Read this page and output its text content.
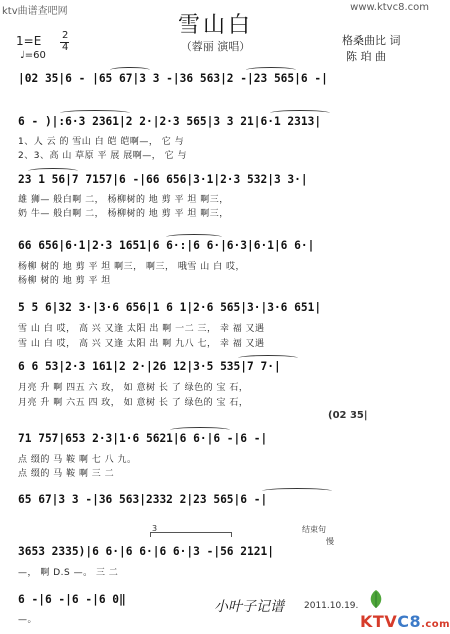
ktv曲谱查吧网	www.ktvc8.com
雪山白
（蓉丽 演唱）
1=E 2
4
♩=60
格桑曲比 词
陈 珀 曲
|02 35|6 - |65 67|3 3 -|36 563|2 -|23 565|6 -|
6 - )|:6·3 2361|2 2·|2·3 565|3 3 21|6·1 2313|
1、人 云 的 雪山 白 皑 皑啊—， 它 与
2、3、高 山 草原 平 展 展啊—， 它 与
23 1 56|7 7157|6 -|66 656|3·1|2·3 532|3 3·|
雄 狮— 般白啊 二， 杨柳树的 地 剪 平 坦 啊三，
奶 牛— 般白啊 二， 杨柳树的 地 剪 平 坦 啊三，
66 656|6·1|2·3 1651|6 6·:|6 6·|6·3|6·1|6 6·|
杨柳 树的 地 剪 平 坦 啊三， 啊三， 哦雪 山 白 哎，
杨柳 树的 地 剪 平 坦
5 5 6|32 3·|3·6 656|1 6 1|2·6 565|3·|3·6 651|
雪 山 白 哎， 高 兴 又逢 太阳 出 啊 一二 三， 幸 福 又遇
雪 山 白 哎， 高 兴 又逢 太阳 出 啊 九八 七， 幸 福 又遇
6 6 53|2·3 161|2 2·|26 12|3·5 535|7 7·|
月亮 升 啊 四五 六 玫， 如 意树 长 了 绿色的 宝 石，
月亮 升 啊 六五 四 玫， 如 意树 长 了 绿色的 宝 石，
(02 35|
71 757|653 2·3|1·6 5621|6 6·|6 -|6 -|
点 缀的 马 鞍 啊 七 八 九。
点 缀的 马 鞍 啊 三 二
65 67|3 3 -|36 563|2332 2|23 565|6 -|
3	结束句
慢
3653 2335)|6 6·|6 6·|6 6·|3 -|56 2121|
—， 啊 D.S —。 三 二
6 -|6 -|6 -|6 0‖
—。
小叶子记谱 2011.10.19.
KTVC8.com
